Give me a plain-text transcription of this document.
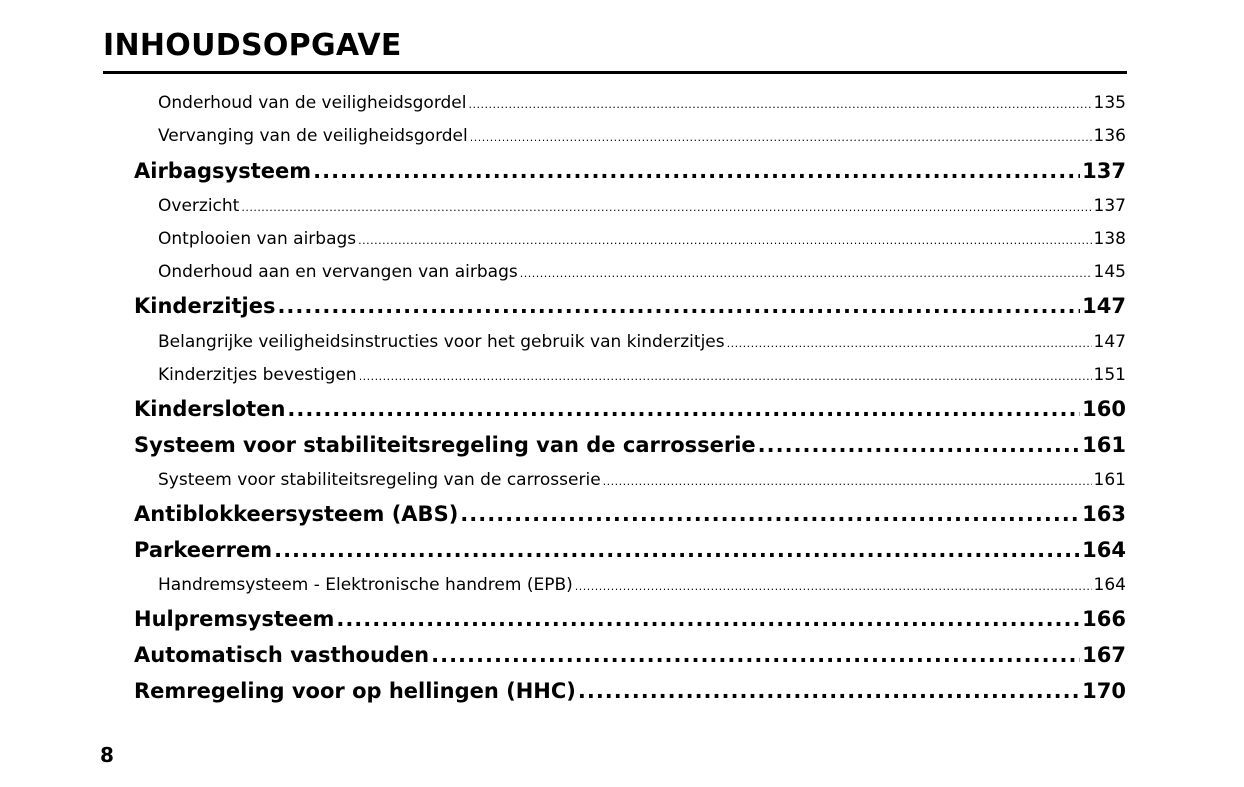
INHOUDSOPGAVE
Onderhoud van de veiligheidsgordel .....	135
Vervanging van de veiligheidsgordel .....	136
Airbagsysteem .....	137
Overzicht .....	137
Ontplooien van airbags .....	138
Onderhoud aan en vervangen van airbags .....	145
Kinderzitjes .....	147
Belangrijke veiligheidsinstructies voor het gebruik van kinderzitjes .....	147
Kinderzitjes bevestigen .....	151
Kindersloten .....	160
Systeem voor stabiliteitsregeling van de carrosserie .....	161
Systeem voor stabiliteitsregeling van de carrosserie .....	161
Antiblokkeersysteem (ABS) .....	163
Parkeerrem .....	164
Handremsysteem - Elektronische handrem (EPB) .....	164
Hulpremsysteem .....	166
Automatisch vasthouden .....	167
Remregeling voor op hellingen (HHC) .....	170
8
